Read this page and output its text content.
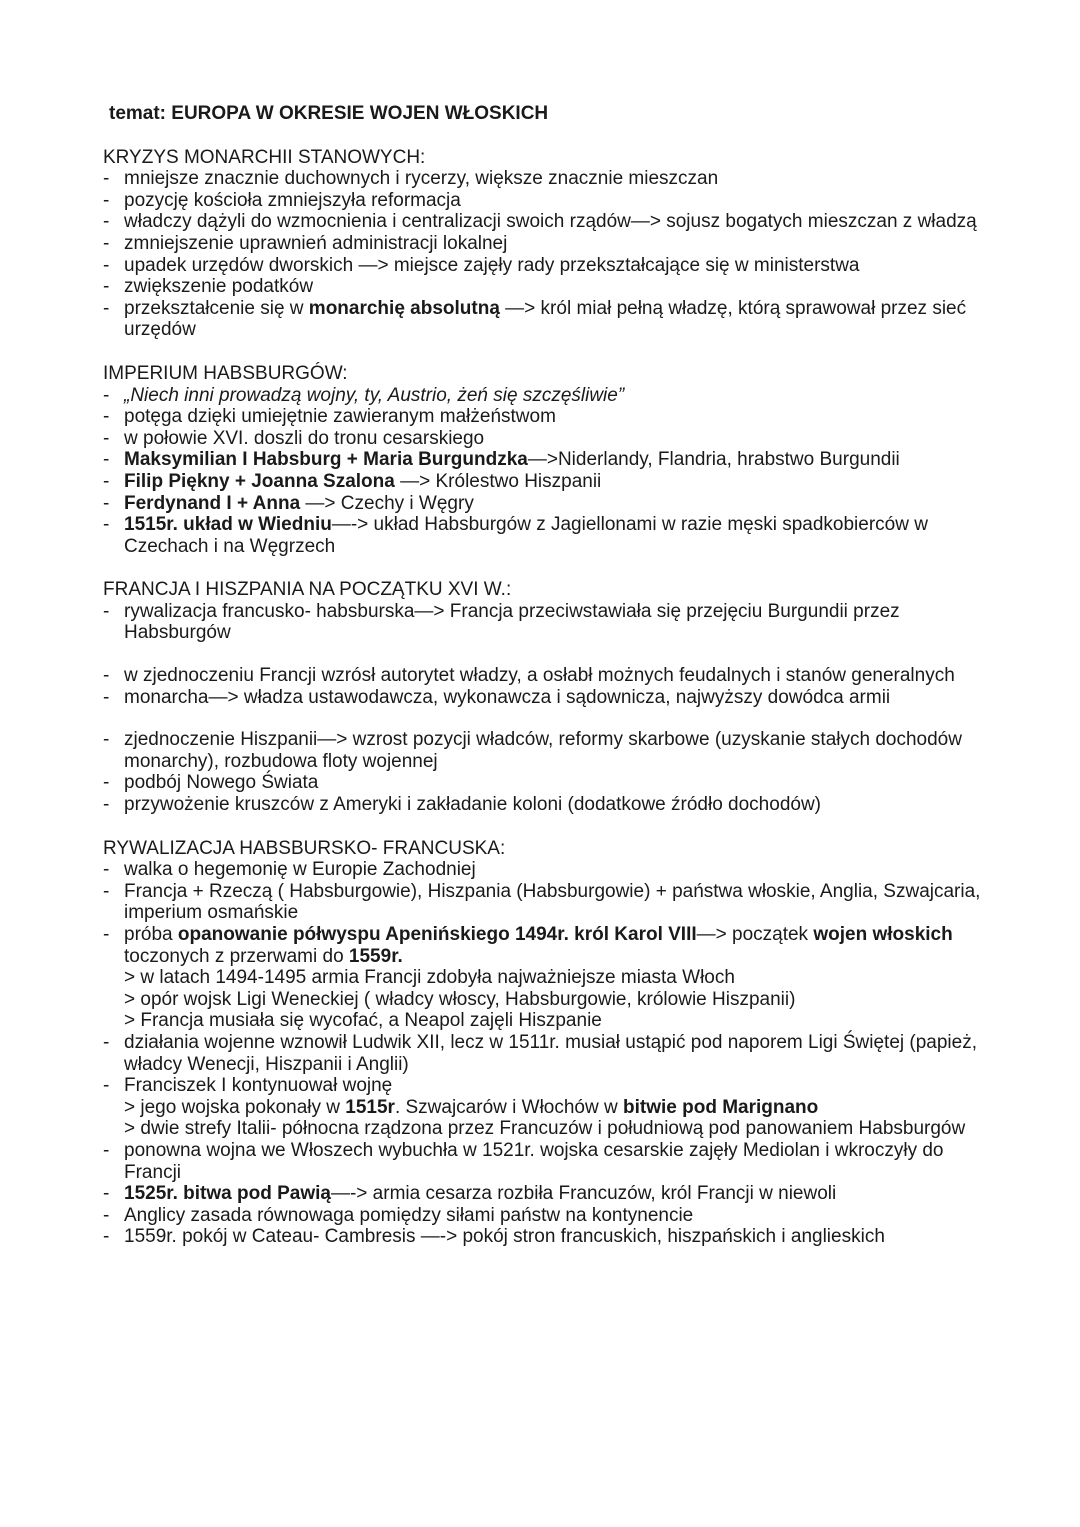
temat: EUROPA W OKRESIE WOJEN WŁOSKICH
KRYZYS MONARCHII STANOWYCH:
- mniejsze znacznie duchownych i rycerzy, większe znacznie mieszczan
- pozycję kościoła zmniejszyła reformacja
- władczy dążyli do wzmocnienia i centralizacji swoich rządów—> sojusz bogatych mieszczan z władzą
- zmniejszenie uprawnień administracji lokalnej
- upadek urzędów dworskich —> miejsce zajęły rady przekształcające się w ministerstwa
- zwiększenie podatków
- przekształcenie się w monarchię absolutną —> król miał pełną władzę, którą sprawował przez sieć urzędów
IMPERIUM HABSBURGÓW:
- „Niech inni prowadzą wojny, ty, Austrio, żeń się szczęśliwie”
- potęga dzięki umiejętnie zawieranym małżeństwom
- w połowie XVI. doszli do tronu cesarskiego
- Maksymilian I Habsburg + Maria Burgundzka—>Niderlandy, Flandria, hrabstwo Burgundii
- Filip Piękny + Joanna Szalona —> Królestwo Hiszpanii
- Ferdynand I + Anna —> Czechy i Węgry
- 1515r. układ w Wiedniu—-> układ Habsburgów z Jagiellonami w razie męski spadkobierców w Czechach i na Węgrzech
FRANCJA I HISZPANIA NA POCZĄTKU XVI W.:
- rywalizacja francusko- habsburska—> Francja przeciwstawiała się przejęciu Burgundii przez Habsburgów
- w zjednoczeniu Francji wzrósł autorytet władzy, a osłabł możnych feudalnych i stanów generalnych
- monarcha—> władza ustawodawcza, wykonawcza i sądownicza, najwyższy dowódca armii
- zjednoczenie Hiszpanii—> wzrost pozycji władców, reformy skarbowe (uzyskanie stałych dochodów monarchy), rozbudowa floty wojennej
- podbój Nowego Świata
- przywożenie kruszców z Ameryki i zakładanie koloni (dodatkowe źródło dochodów)
RYWALIZACJA HABSBURSKO- FRANCUSKA:
- walka o hegemonię w Europie Zachodniej
- Francja + Rzeczą ( Habsburgowie), Hiszpania (Habsburgowie) + państwa włoskie, Anglia, Szwajcaria, imperium osmańskie
- próba opanowanie półwyspu Apenińskiego 1494r. król Karol VIII—> początek wojen włoskich toczonych z przerwami do 1559r.
> w latach 1494-1495 armia Francji zdobyła najważniejsze miasta Włoch
> opór wojsk Ligi Weneckiej ( władcy włoscy, Habsburgowie, królowie Hiszpanii)
> Francja musiała się wycofać, a Neapol zajęli Hiszpanie
- działania wojenne wznowił Ludwik XII, lecz w 1511r. musiał ustąpić pod naporem Ligi Świętej (papież, władcy Wenecji, Hiszpanii i Anglii)
- Franciszek I kontynuował wojnę
> jego wojska pokonały w 1515r. Szwajcarów i Włochów w bitwie pod Marignano
> dwie strefy Italii- północna rządzona przez Francuzów i południową pod panowaniem Habsburgów
- ponowna wojna we Włoszech wybuchła w 1521r. wojska cesarskie zajęły Mediolan i wkroczyły do Francji
- 1525r. bitwa pod Pawią—-> armia cesarza rozbiła Francuzów, król Francji w niewoli
- Anglicy zasada równowaga pomiędzy siłami państw na kontynencie
- 1559r. pokój w Cateau- Cambresis —-> pokój stron francuskich, hiszpańskich i anglieskich
